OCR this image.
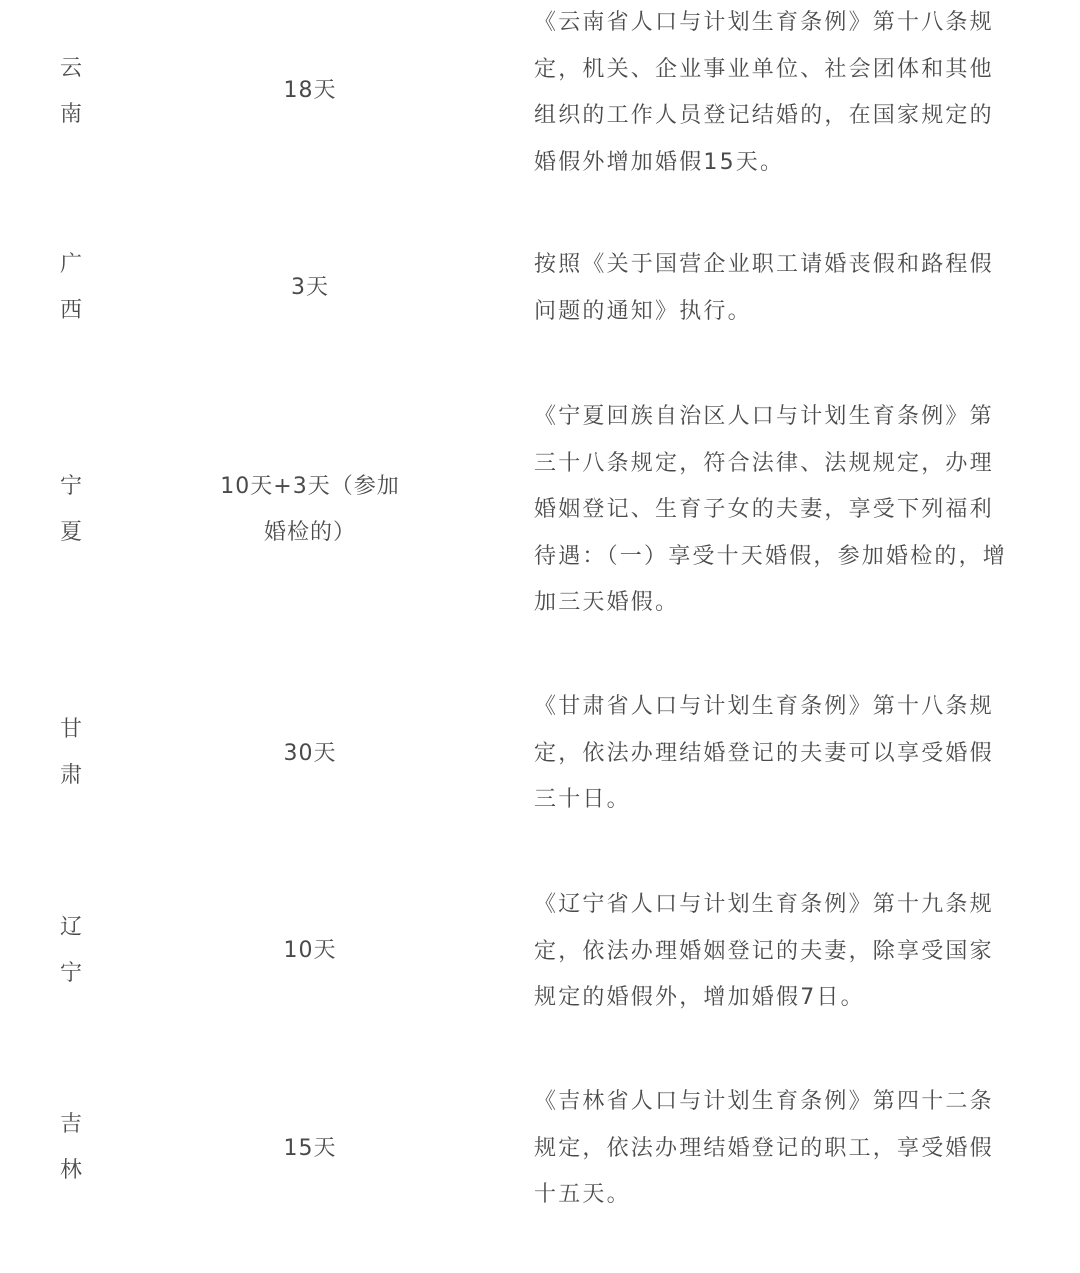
云
南
18天
《云南省人口与计划生育条例》第十八条规定，机关、企业事业单位、社会团体和其他组织的工作人员登记结婚的，在国家规定的婚假外增加婚假15天。
广
西
3天
按照《关于国营企业职工请婚丧假和路程假问题的通知》执行。
宁
夏
10天+3天（参加婚检的）
《宁夏回族自治区人口与计划生育条例》第三十八条规定，符合法律、法规规定，办理婚姻登记、生育子女的夫妻，享受下列福利待遇：（一）享受十天婚假，参加婚检的，增加三天婚假。
甘
肃
30天
《甘肃省人口与计划生育条例》第十八条规定，依法办理结婚登记的夫妻可以享受婚假三十日。
辽
宁
10天
《辽宁省人口与计划生育条例》第十九条规定，依法办理婚姻登记的夫妻，除享受国家规定的婚假外，增加婚假7日。
吉
林
15天
《吉林省人口与计划生育条例》第四十二条规定，依法办理结婚登记的职工，享受婚假十五天。
